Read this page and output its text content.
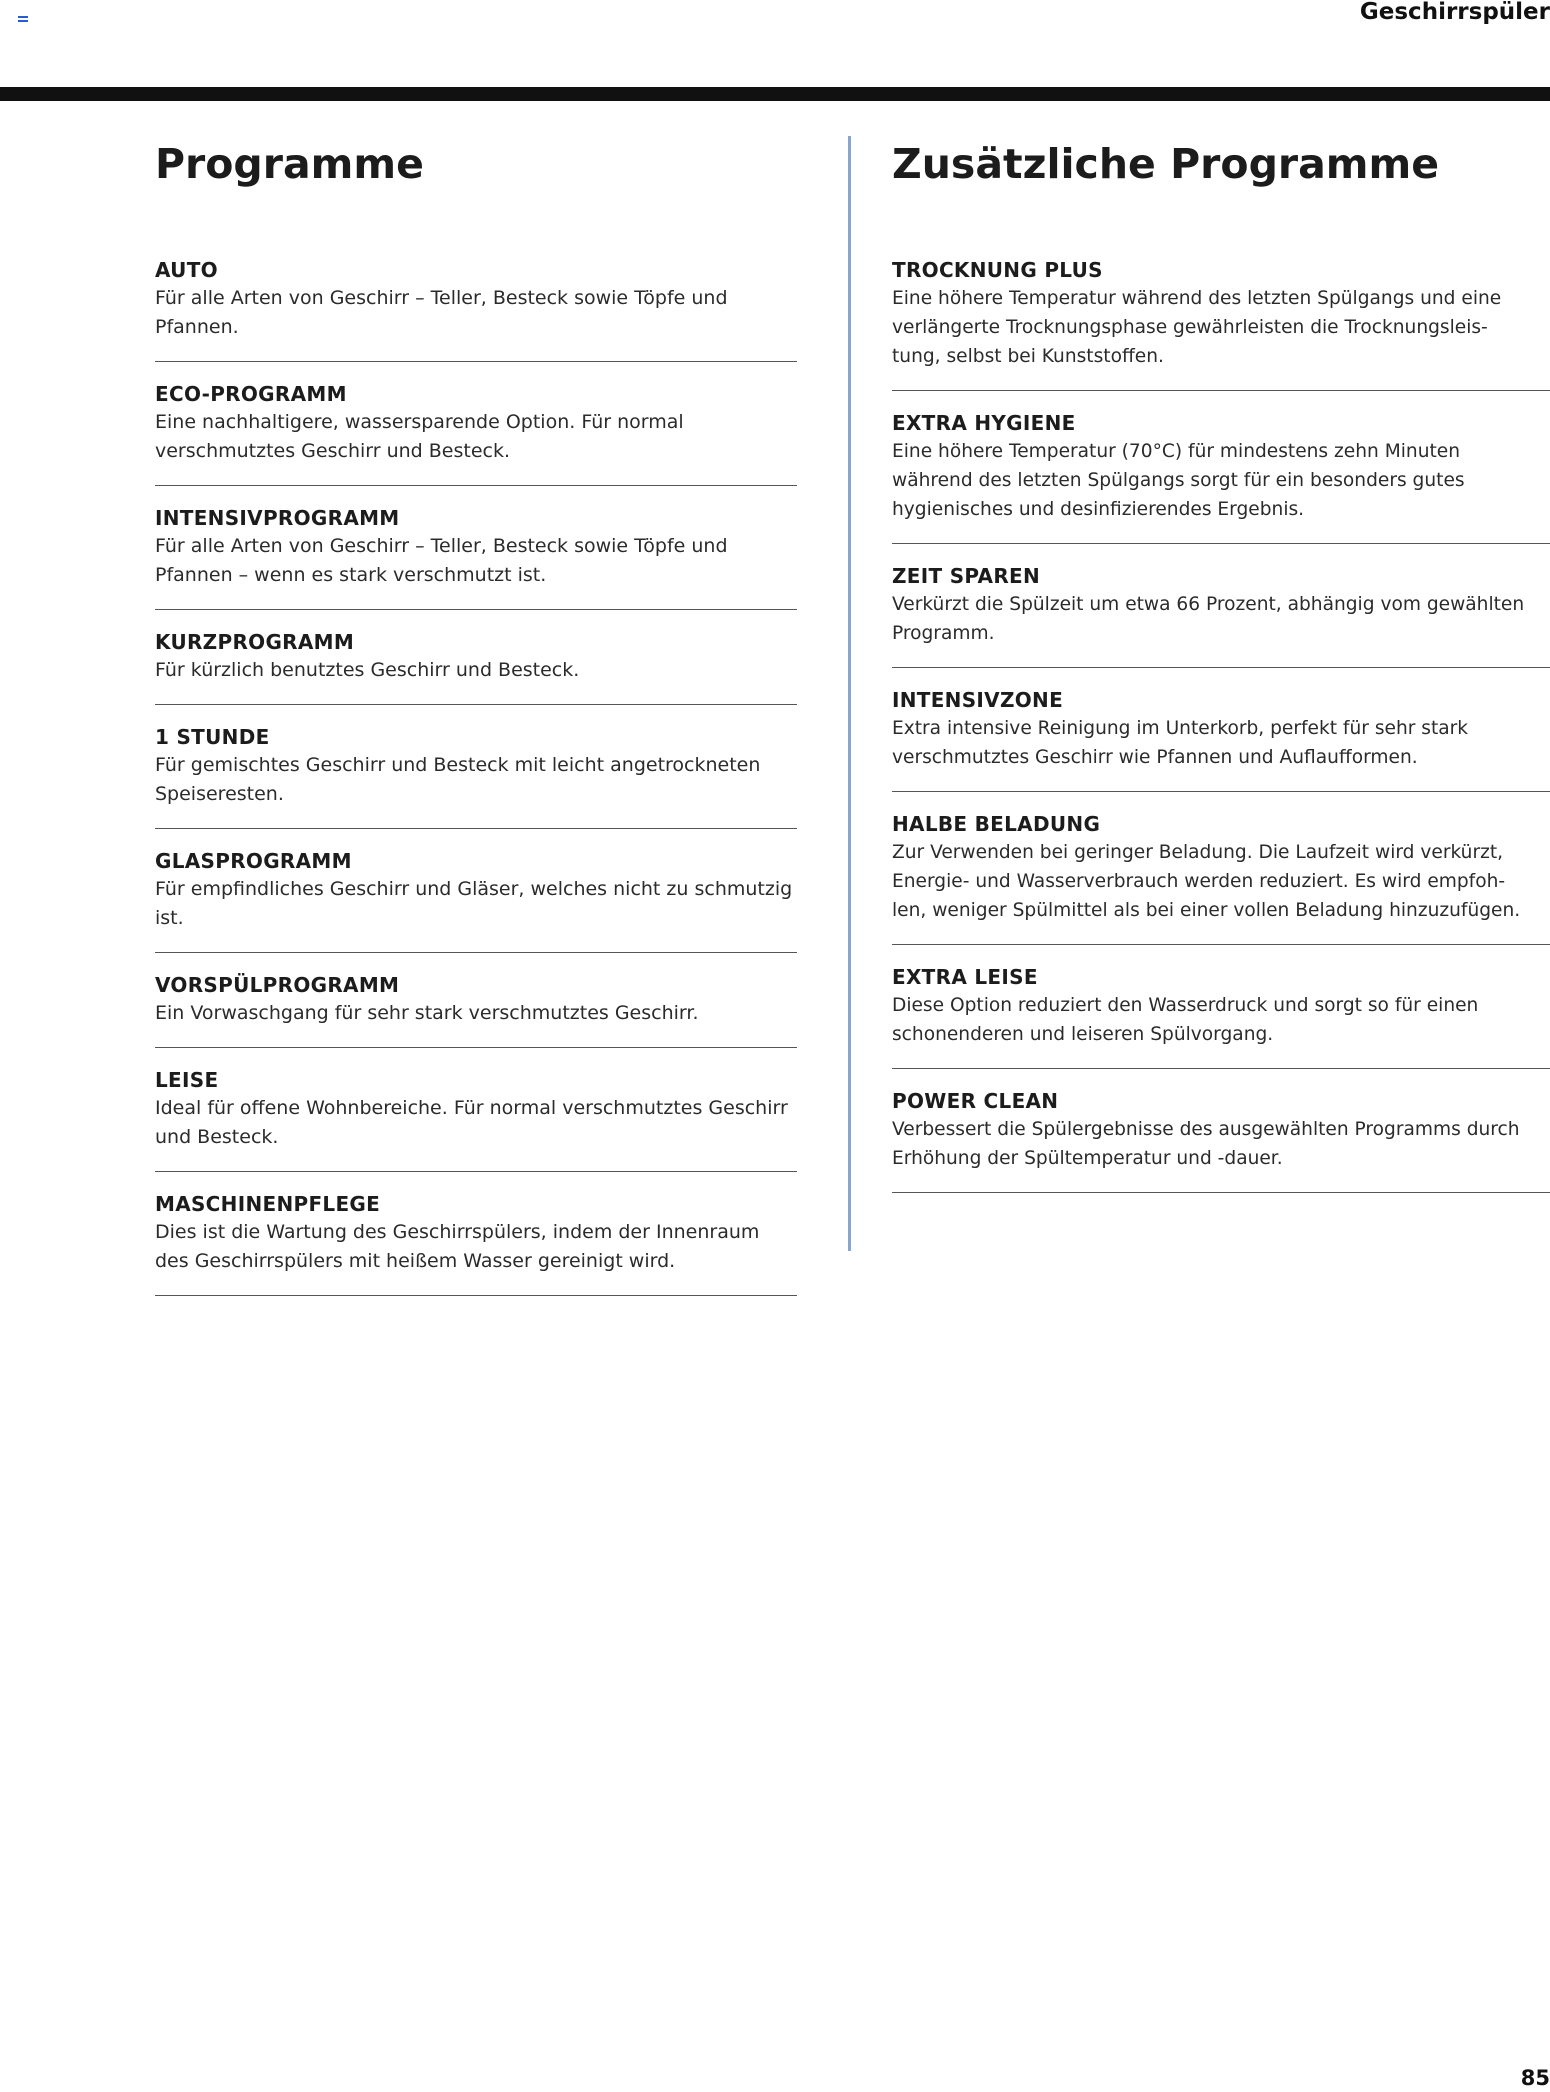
Geschirrspüler
Programme
AUTO
Für alle Arten von Geschirr – Teller, Besteck sowie Töpfe und
Pfannen.
ECO-PROGRAMM
Eine nachhaltigere, wassersparende Option. Für normal
verschmutztes Geschirr und Besteck.
INTENSIVPROGRAMM
Für alle Arten von Geschirr – Teller, Besteck sowie Töpfe und
Pfannen – wenn es stark verschmutzt ist.
KURZPROGRAMM
Für kürzlich benutztes Geschirr und Besteck.
1 STUNDE
Für gemischtes Geschirr und Besteck mit leicht angetrockneten
Speiseresten.
GLASPROGRAMM
Für empfindliches Geschirr und Gläser, welches nicht zu schmutzig
ist.
VORSPÜLPROGRAMM
Ein Vorwaschgang für sehr stark verschmutztes Geschirr.
LEISE
Ideal für offene Wohnbereiche. Für normal verschmutztes Geschirr
und Besteck.
MASCHINENPFLEGE
Dies ist die Wartung des Geschirrspülers, indem der Innenraum
des Geschirrspülers mit heißem Wasser gereinigt wird.
Zusätzliche Programme
TROCKNUNG PLUS
Eine höhere Temperatur während des letzten Spülgangs und eine
verlängerte Trocknungsphase gewährleisten die Trocknungsleis-
tung, selbst bei Kunststoffen.
EXTRA HYGIENE
Eine höhere Temperatur (70°C) für mindestens zehn Minuten
während des letzten Spülgangs sorgt für ein besonders gutes
hygienisches und desinfizierendes Ergebnis.
ZEIT SPAREN
Verkürzt die Spülzeit um etwa 66 Prozent, abhängig vom gewählten
Programm.
INTENSIVZONE
Extra intensive Reinigung im Unterkorb, perfekt für sehr stark
verschmutztes Geschirr wie Pfannen und Auflaufformen.
HALBE BELADUNG
Zur Verwenden bei geringer Beladung. Die Laufzeit wird verkürzt,
Energie- und Wasserverbrauch werden reduziert. Es wird empfoh-
len, weniger Spülmittel als bei einer vollen Beladung hinzuzufügen.
EXTRA LEISE
Diese Option reduziert den Wasserdruck und sorgt so für einen
schonenderen und leiseren Spülvorgang.
POWER CLEAN
Verbessert die Spülergebnisse des ausgewählten Programms durch
Erhöhung der Spültemperatur und -dauer.
85
